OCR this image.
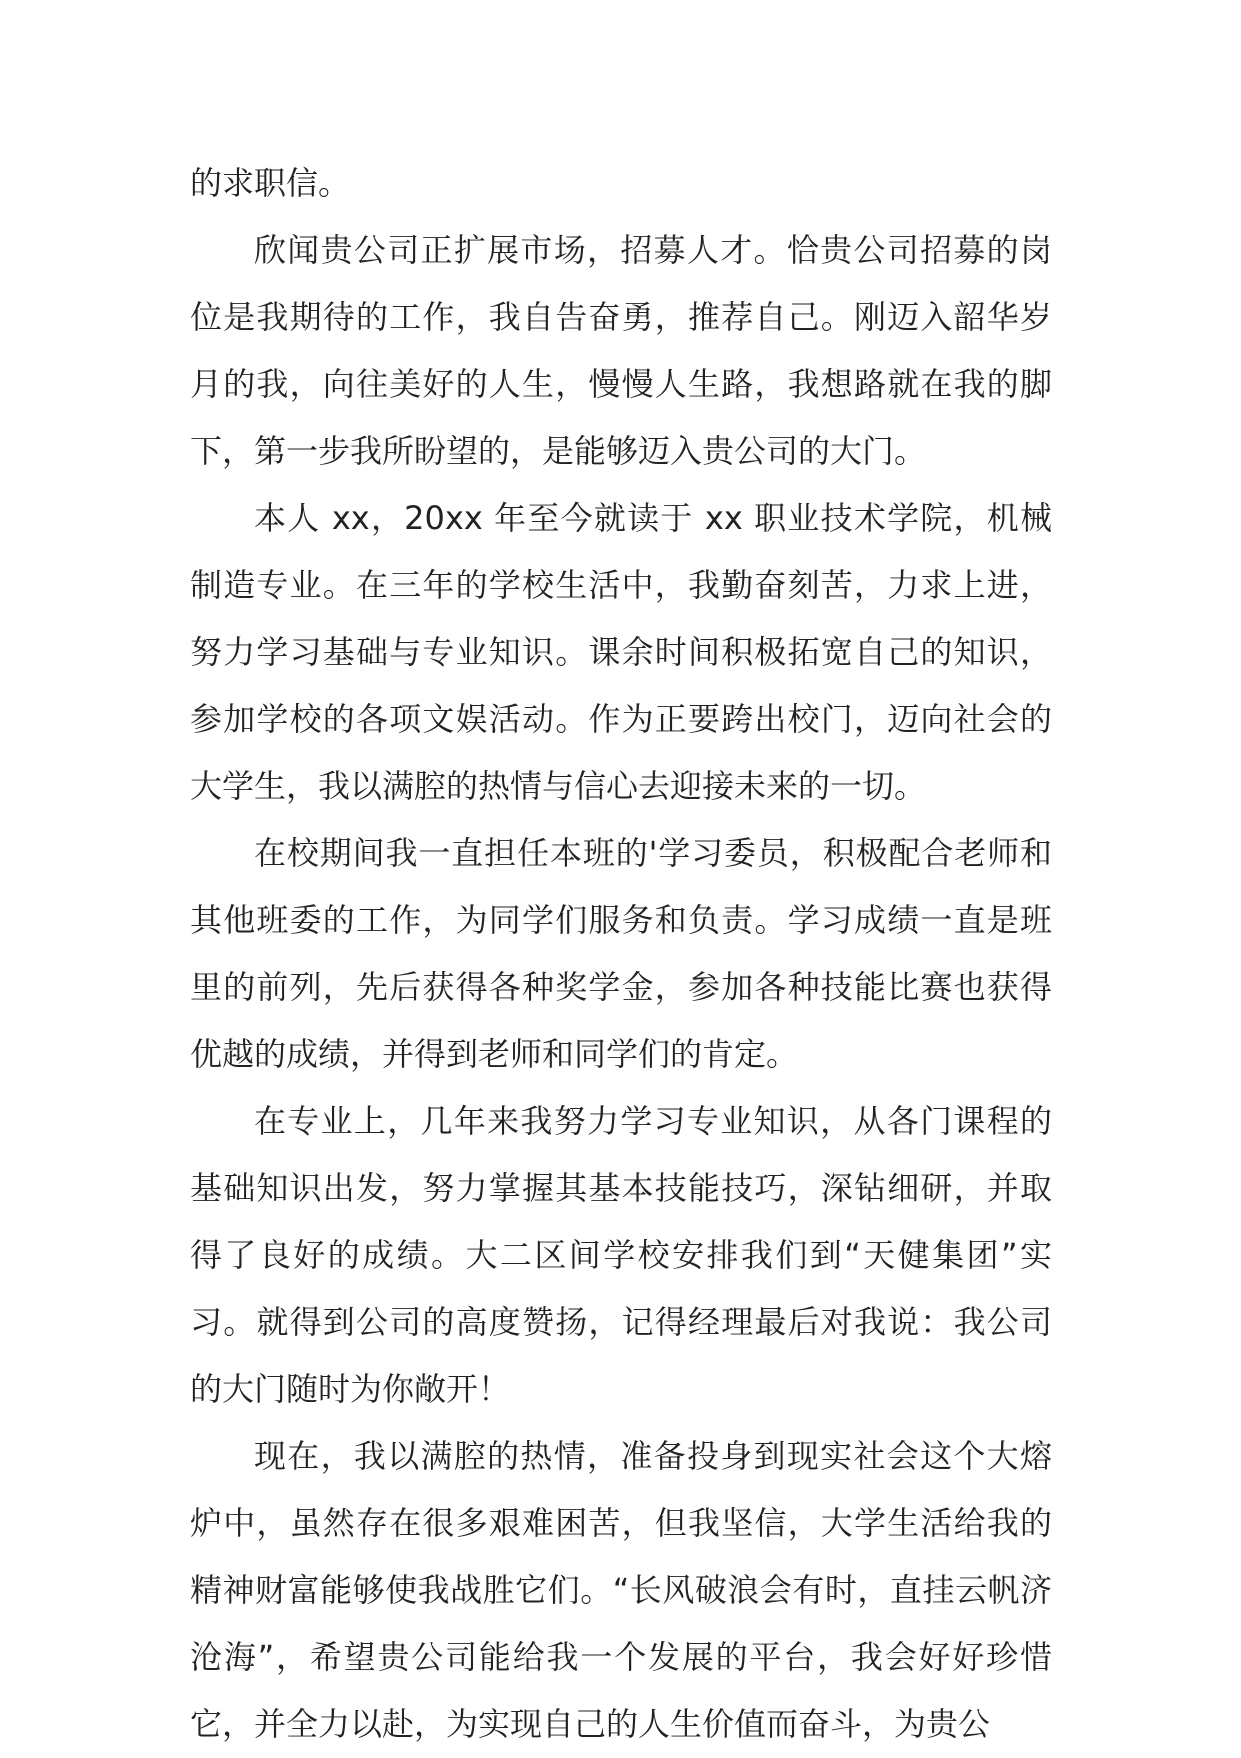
的求职信。

欣闻贵公司正扩展市场，招募人才。恰贵公司招募的岗位是我期待的工作，我自告奋勇，推荐自己。刚迈入韶华岁月的我，向往美好的人生，慢慢人生路，我想路就在我的脚下，第一步我所盼望的，是能够迈入贵公司的大门。

本人 xx，20xx 年至今就读于 xx 职业技术学院，机械制造专业。在三年的学校生活中，我勤奋刻苦，力求上进，努力学习基础与专业知识。课余时间积极拓宽自己的知识，参加学校的各项文娱活动。作为正要跨出校门，迈向社会的大学生，我以满腔的热情与信心去迎接未来的一切。

在校期间我一直担任本班的'学习委员，积极配合老师和其他班委的工作，为同学们服务和负责。学习成绩一直是班里的前列，先后获得各种奖学金，参加各种技能比赛也获得优越的成绩，并得到老师和同学们的肯定。

在专业上，几年来我努力学习专业知识，从各门课程的基础知识出发，努力掌握其基本技能技巧，深钻细研，并取得了良好的成绩。大二区间学校安排我们到“天健集团”实习。就得到公司的高度赞扬，记得经理最后对我说：我公司的大门随时为你敞开！

现在，我以满腔的热情，准备投身到现实社会这个大熔炉中，虽然存在很多艰难困苦，但我坚信，大学生活给我的精神财富能够使我战胜它们。“长风破浪会有时，直挂云帆济沧海”，希望贵公司能给我一个发展的平台，我会好好珍惜它，并全力以赴，为实现自己的人生价值而奋斗，为贵公
